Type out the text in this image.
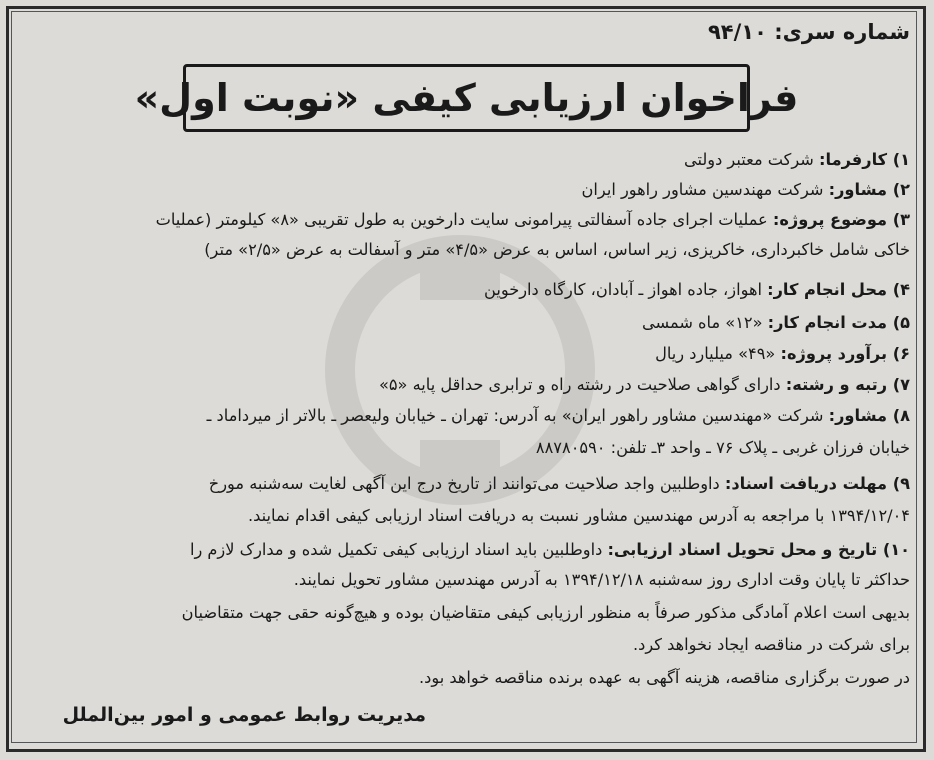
شماره سری: ۹۴/۱۰
فراخوان ارزیابی کیفی «نوبت اول»
۱) کارفرما: شرکت معتبر دولتی
۲) مشاور: شرکت مهندسین مشاور راهور ایران
۳) موضوع پروژه: عملیات اجرای جاده آسفالتی پیرامونی سایت دارخوین به طول تقریبی «۸» کیلومتر (عملیات
خاکی شامل خاکبرداری، خاکریزی، زیر اساس، اساس به عرض «۴/۵» متر و آسفالت به عرض «۲/۵» متر)
۴) محل انجام کار: اهواز، جاده اهواز ـ آبادان، کارگاه دارخوین
۵) مدت انجام کار: «۱۲» ماه شمسی
۶) برآورد پروژه: «۴۹» میلیارد ریال
۷) رتبه و رشته: دارای گواهی صلاحیت در رشته راه و ترابری حداقل پایه «۵»
۸) مشاور: شرکت «مهندسین مشاور راهور ایران» به آدرس: تهران ـ خیابان ولیعصر ـ بالاتر از میرداماد ـ
خیابان فرزان غربی ـ پلاک ۷۶ ـ واحد ۳ـ تلفن: ۸۸۷۸۰۵۹۰
۹) مهلت دریافت اسناد: داوطلبین واجد صلاحیت می‌توانند از تاریخ درج این آگهی لغایت سه‌شنبه مورخ
۱۳۹۴/۱۲/۰۴ با مراجعه به آدرس مهندسین مشاور نسبت به دریافت اسناد ارزیابی کیفی اقدام نمایند.
۱۰) تاریخ و محل تحویل اسناد ارزیابی: داوطلبین باید اسناد ارزیابی کیفی تکمیل شده و مدارک لازم را
حداکثر تا پایان وقت اداری روز سه‌شنبه ۱۳۹۴/۱۲/۱۸ به آدرس مهندسین مشاور تحویل نمایند.
بدیهی است اعلام آمادگی مذکور صرفاً به منظور ارزیابی کیفی متقاضیان بوده و هیچ‌گونه حقی جهت متقاضیان
برای شرکت در مناقصه ایجاد نخواهد کرد.
در صورت برگزاری مناقصه، هزینه آگهی به عهده برنده مناقصه خواهد بود.
مدیریت روابط عمومی و امور بین‌الملل
